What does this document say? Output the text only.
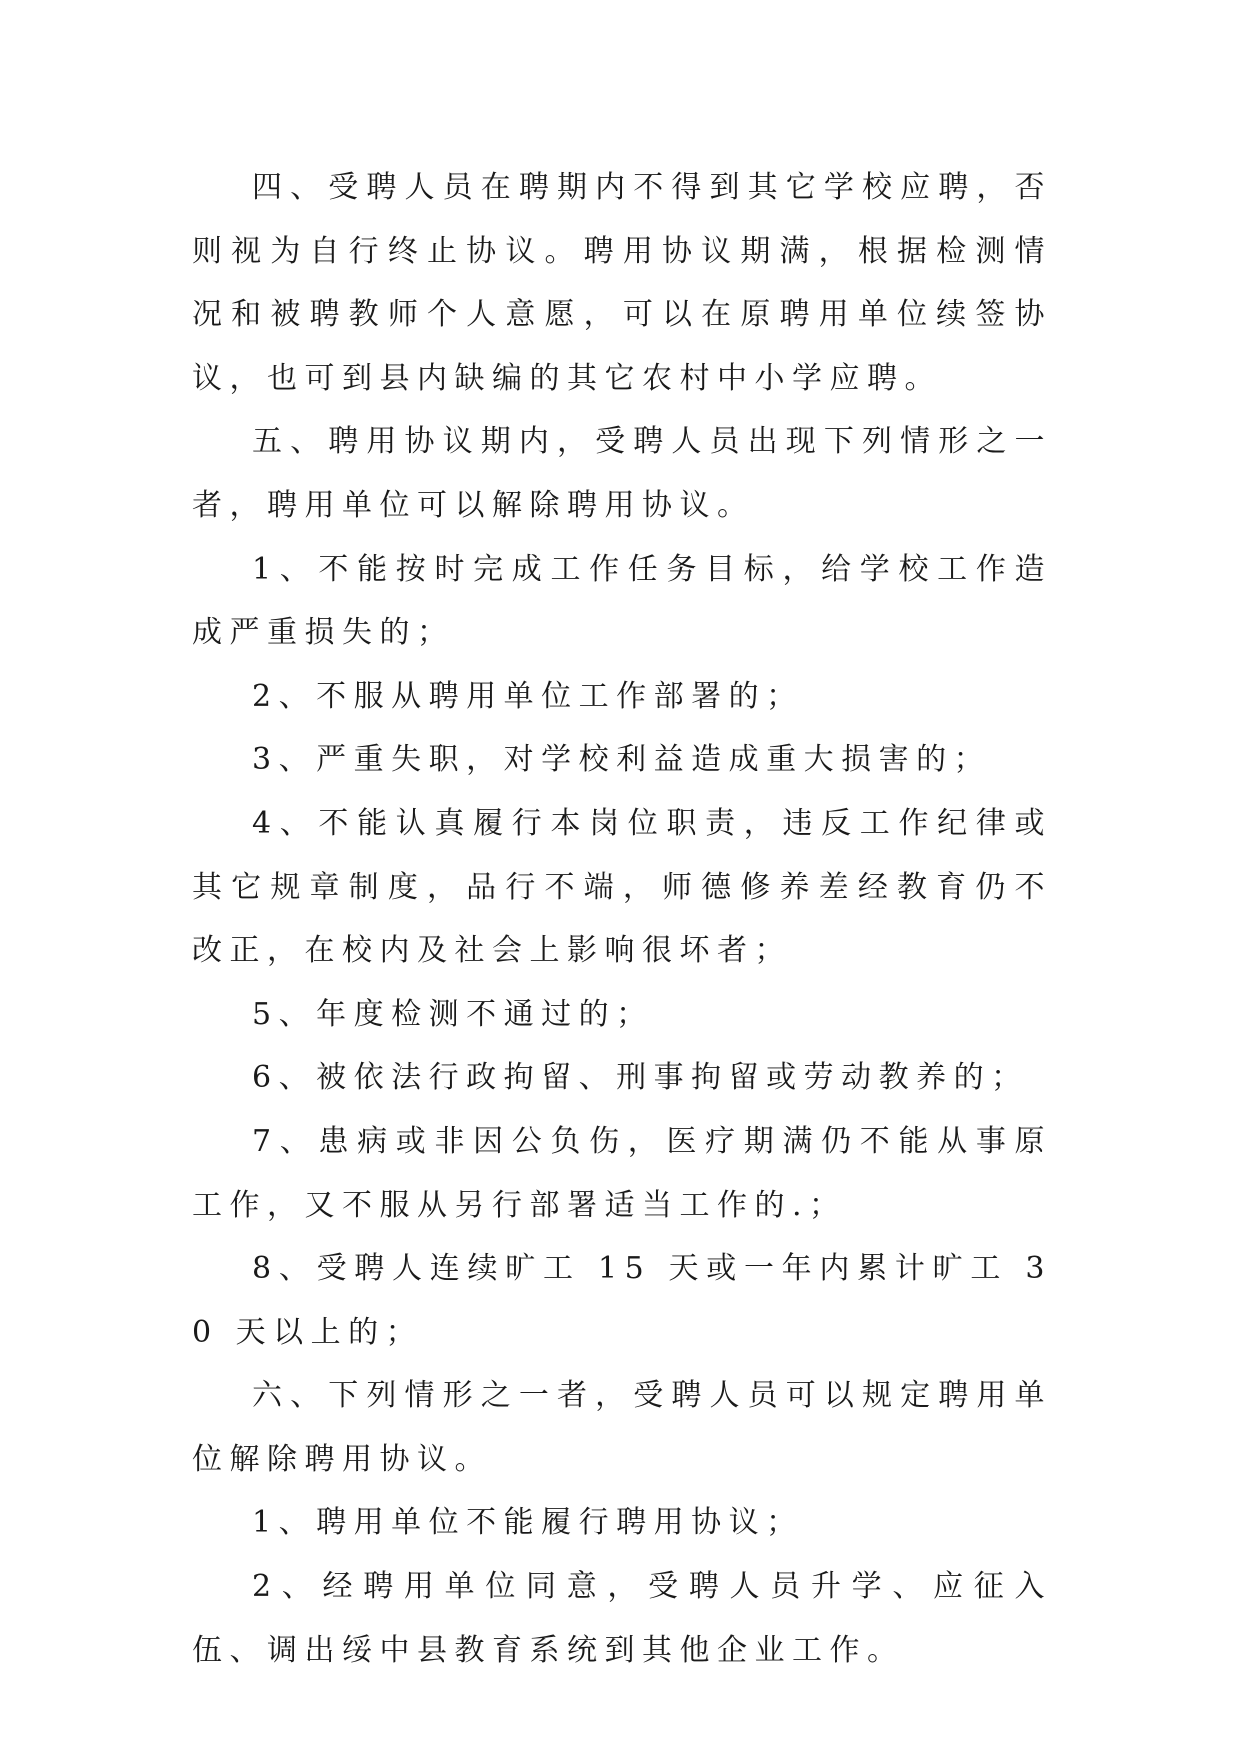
四、受聘人员在聘期内不得到其它学校应聘，否则视为自行终止协议。聘用协议期满，根据检测情况和被聘教师个人意愿，可以在原聘用单位续签协议，也可到县内缺编的其它农村中小学应聘。

五、聘用协议期内，受聘人员出现下列情形之一者，聘用单位可以解除聘用协议。

1、不能按时完成工作任务目标，给学校工作造成严重损失的；

2、不服从聘用单位工作部署的；

3、严重失职，对学校利益造成重大损害的；

4、不能认真履行本岗位职责，违反工作纪律或其它规章制度，品行不端，师德修养差经教育仍不改正，在校内及社会上影响很坏者；

5、年度检测不通过的；

6、被依法行政拘留、刑事拘留或劳动教养的；

7、患病或非因公负伤，医疗期满仍不能从事原工作，又不服从另行部署适当工作的.；

8、受聘人连续旷工 15 天或一年内累计旷工 30 天以上的；

六、下列情形之一者，受聘人员可以规定聘用单位解除聘用协议。

1、聘用单位不能履行聘用协议；

2、经聘用单位同意，受聘人员升学、应征入伍、调出绥中县教育系统到其他企业工作。
